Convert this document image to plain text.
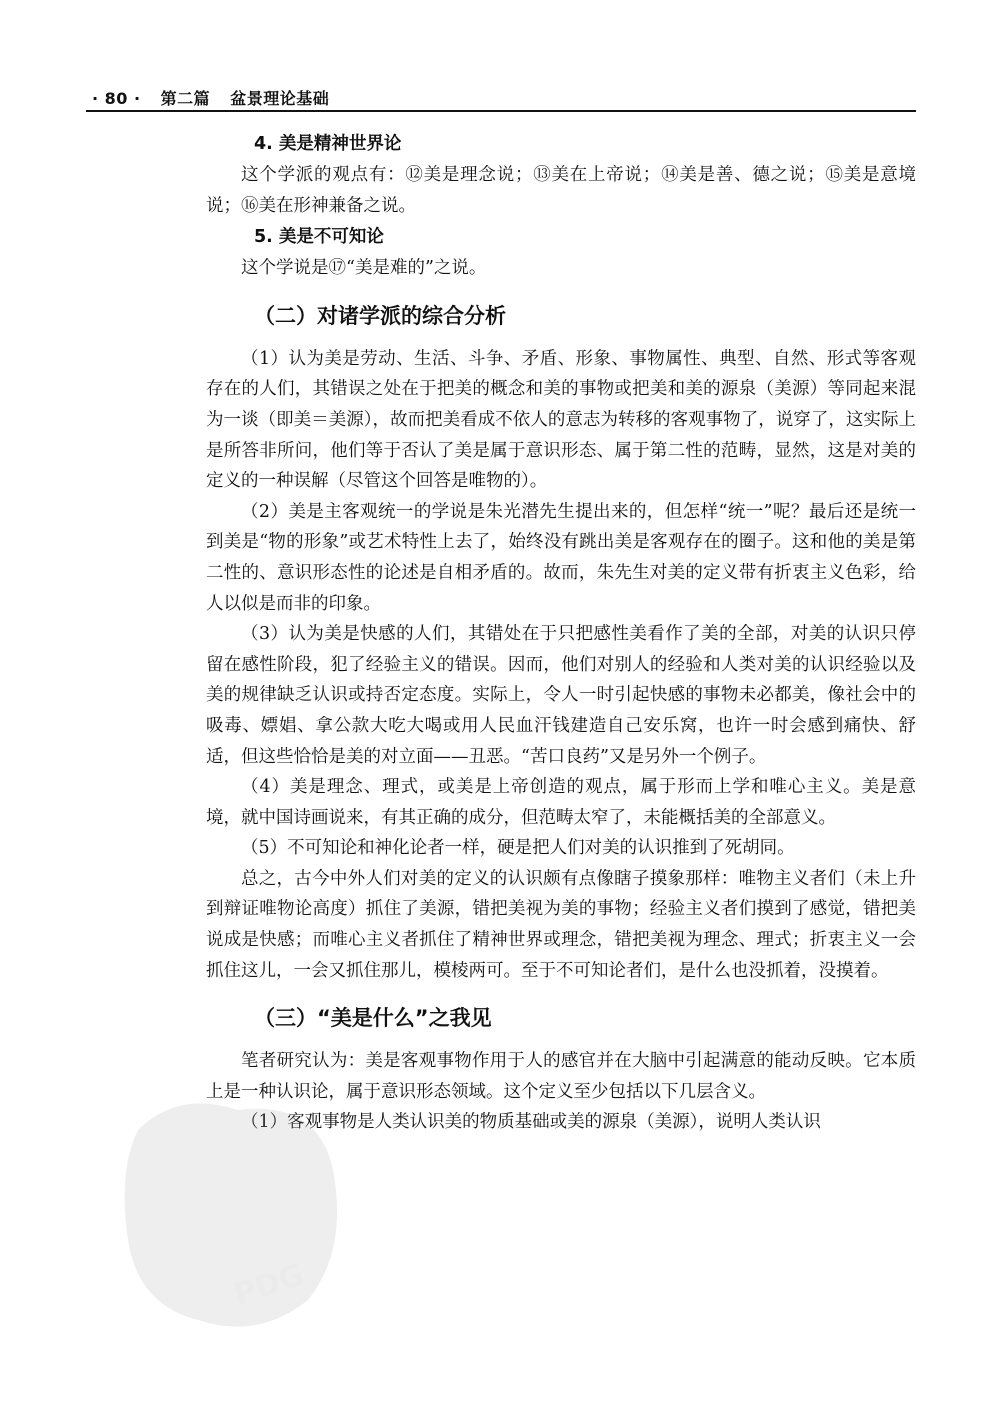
· 80 · 第二篇 盆景理论基础
4. 美是精神世界论

这个学派的观点有：⑫美是理念说；⑬美在上帝说；⑭美是善、德之说；⑮美是意境说；⑯美在形神兼备之说。

5. 美是不可知论

这个学说是⑰“美是难的”之说。

（二）对诸学派的综合分析

（1）认为美是劳动、生活、斗争、矛盾、形象、事物属性、典型、自然、形式等客观存在的人们，其错误之处在于把美的概念和美的事物或把美和美的源泉（美源）等同起来混为一谈（即美＝美源），故而把美看成不依人的意志为转移的客观事物了，说穿了，这实际上是所答非所问，他们等于否认了美是属于意识形态、属于第二性的范畴，显然，这是对美的定义的一种误解（尽管这个回答是唯物的）。

（2）美是主客观统一的学说是朱光潜先生提出来的，但怎样“统一”呢？最后还是统一到美是“物的形象”或艺术特性上去了，始终没有跳出美是客观存在的圈子。这和他的美是第二性的、意识形态性的论述是自相矛盾的。故而，朱先生对美的定义带有折衷主义色彩，给人以似是而非的印象。

（3）认为美是快感的人们，其错处在于只把感性美看作了美的全部，对美的认识只停留在感性阶段，犯了经验主义的错误。因而，他们对别人的经验和人类对美的认识经验以及美的规律缺乏认识或持否定态度。实际上，令人一时引起快感的事物未必都美，像社会中的吸毒、嫖娼、拿公款大吃大喝或用人民血汗钱建造自己安乐窝，也许一时会感到痛快、舒适，但这些恰恰是美的对立面——丑恶。“苦口良药”又是另外一个例子。

（4）美是理念、理式，或美是上帝创造的观点，属于形而上学和唯心主义。美是意境，就中国诗画说来，有其正确的成分，但范畴太窄了，未能概括美的全部意义。

（5）不可知论和神化论者一样，硬是把人们对美的认识推到了死胡同。

总之，古今中外人们对美的定义的认识颇有点像瞎子摸象那样：唯物主义者们（未上升到辩证唯物论高度）抓住了美源，错把美视为美的事物；经验主义者们摸到了感觉，错把美说成是快感；而唯心主义者抓住了精神世界或理念，错把美视为理念、理式；折衷主义一会抓住这儿，一会又抓住那儿，模棱两可。至于不可知论者们，是什么也没抓着，没摸着。

（三）“美是什么”之我见

笔者研究认为：美是客观事物作用于人的感官并在大脑中引起满意的能动反映。它本质上是一种认识论，属于意识形态领域。这个定义至少包括以下几层含义。

（1）客观事物是人类认识美的物质基础或美的源泉（美源），说明人类认识

PDG
